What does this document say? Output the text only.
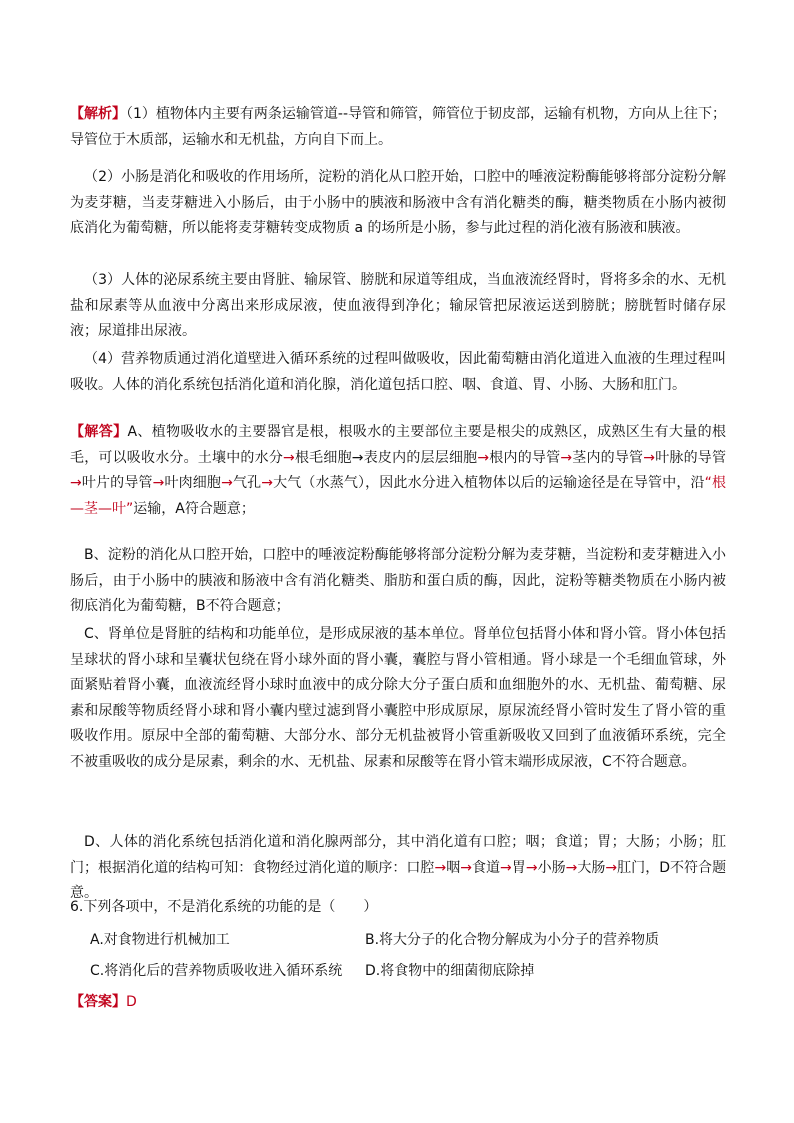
【解析】（1）植物体内主要有两条运输管道--导管和筛管，筛管位于韧皮部，运输有机物，方向从上往下；导管位于木质部，运输水和无机盐，方向自下而上。
（2）小肠是消化和吸收的作用场所，淀粉的消化从口腔开始，口腔中的唾液淀粉酶能够将部分淀粉分解为麦芽糖，当麦芽糖进入小肠后，由于小肠中的胰液和肠液中含有消化糖类的酶，糖类物质在小肠内被彻底消化为葡萄糖，所以能将麦芽糖转变成物质 a 的场所是小肠，参与此过程的消化液有肠液和胰液。
（3）人体的泌尿系统主要由肾脏、输尿管、膀胱和尿道等组成，当血液流经肾时，肾将多余的水、无机盐和尿素等从血液中分离出来形成尿液，使血液得到净化；输尿管把尿液运送到膀胱；膀胱暂时储存尿液；尿道排出尿液。
（4）营养物质通过消化道壁进入循环系统的过程叫做吸收，因此葡萄糖由消化道进入血液的生理过程叫吸收。人体的消化系统包括消化道和消化腺，消化道包括口腔、咽、食道、胃、小肠、大肠和肛门。
【解答】A、植物吸收水的主要器官是根，根吸水的主要部位主要是根尖的成熟区，成熟区生有大量的根毛，可以吸收水分。土壤中的水分→根毛细胞→表皮内的层层细胞→根内的导管→茎内的导管→叶脉的导管→叶片的导管→叶肉细胞→气孔→大气（水蒸气），因此水分进入植物体以后的运输途径是在导管中，沿“根—茎—叶”运输，A符合题意；
B、淀粉的消化从口腔开始，口腔中的唾液淀粉酶能够将部分淀粉分解为麦芽糖，当淀粉和麦芽糖进入小肠后，由于小肠中的胰液和肠液中含有消化糖类、脂肪和蛋白质的酶，因此，淀粉等糖类物质在小肠内被彻底消化为葡萄糖，B不符合题意；
C、肾单位是肾脏的结构和功能单位，是形成尿液的基本单位。肾单位包括肾小体和肾小管。肾小体包括呈球状的肾小球和呈囊状包绕在肾小球外面的肾小囊，囊腔与肾小管相通。肾小球是一个毛细血管球，外面紧贴着肾小囊，血液流经肾小球时血液中的成分除大分子蛋白质和血细胞外的水、无机盐、葡萄糖、尿素和尿酸等物质经肾小球和肾小囊内壁过滤到肾小囊腔中形成原尿，原尿流经肾小管时发生了肾小管的重吸收作用。原尿中全部的葡萄糖、大部分水、部分无机盐被肾小管重新吸收又回到了血液循环系统，完全不被重吸收的成分是尿素，剩余的水、无机盐、尿素和尿酸等在肾小管末端形成尿液，C不符合题意。
D、人体的消化系统包括消化道和消化腺两部分，其中消化道有口腔；咽；食道；胃；大肠；小肠；肛门；根据消化道的结构可知：食物经过消化道的顺序：口腔→咽→食道→胃→小肠→大肠→肛门，D不符合题意。
6.下列各项中，不是消化系统的功能的是（　　）
A.对食物进行机械加工	B.将大分子的化合物分解成为小分子的营养物质
C.将消化后的营养物质吸收进入循环系统 D.将食物中的细菌彻底除掉
【答案】D
